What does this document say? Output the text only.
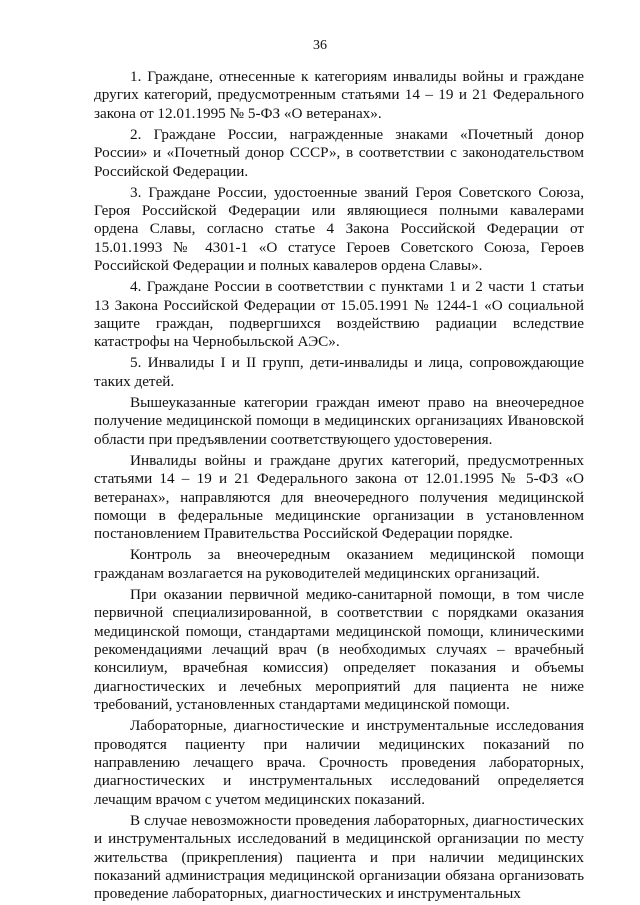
36

1. Граждане, отнесенные к категориям инвалиды войны и граждане других категорий, предусмотренным статьями 14 – 19 и 21 Федерального закона от 12.01.1995 № 5-ФЗ «О ветеранах».

2. Граждане России, награжденные знаками «Почетный донор России» и «Почетный донор СССР», в соответствии с законодательством Российской Федерации.

3. Граждане России, удостоенные званий Героя Советского Союза, Героя Российской Федерации или являющиеся полными кавалерами ордена Славы, согласно статье 4 Закона Российской Федерации от 15.01.1993 № 4301-1 «О статусе Героев Советского Союза, Героев Российской Федерации и полных кавалеров ордена Славы».

4. Граждане России в соответствии с пунктами 1 и 2 части 1 статьи 13 Закона Российской Федерации от 15.05.1991 № 1244-1 «О социальной защите граждан, подвергшихся воздействию радиации вследствие катастрофы на Чернобыльской АЭС».

5. Инвалиды I и II групп, дети-инвалиды и лица, сопровождающие таких детей.

Вышеуказанные категории граждан имеют право на внеочередное получение медицинской помощи в медицинских организациях Ивановской области при предъявлении соответствующего удостоверения.

Инвалиды войны и граждане других категорий, предусмотренных статьями 14 – 19 и 21 Федерального закона от 12.01.1995 № 5-ФЗ «О ветеранах», направляются для внеочередного получения медицинской помощи в федеральные медицинские организации в установленном постановлением Правительства Российской Федерации порядке.

Контроль за внеочередным оказанием медицинской помощи гражданам возлагается на руководителей медицинских организаций.

При оказании первичной медико-санитарной помощи, в том числе первичной специализированной, в соответствии с порядками оказания медицинской помощи, стандартами медицинской помощи, клиническими рекомендациями лечащий врач (в необходимых случаях – врачебный консилиум, врачебная комиссия) определяет показания и объемы диагностических и лечебных мероприятий для пациента не ниже требований, установленных стандартами медицинской помощи.

Лабораторные, диагностические и инструментальные исследования проводятся пациенту при наличии медицинских показаний по направлению лечащего врача. Срочность проведения лабораторных, диагностических и инструментальных исследований определяется лечащим врачом с учетом медицинских показаний.

В случае невозможности проведения лабораторных, диагностических и инструментальных исследований в медицинской организации по месту жительства (прикрепления) пациента и при наличии медицинских показаний администрация медицинской организации обязана организовать проведение лабораторных, диагностических и инструментальных
